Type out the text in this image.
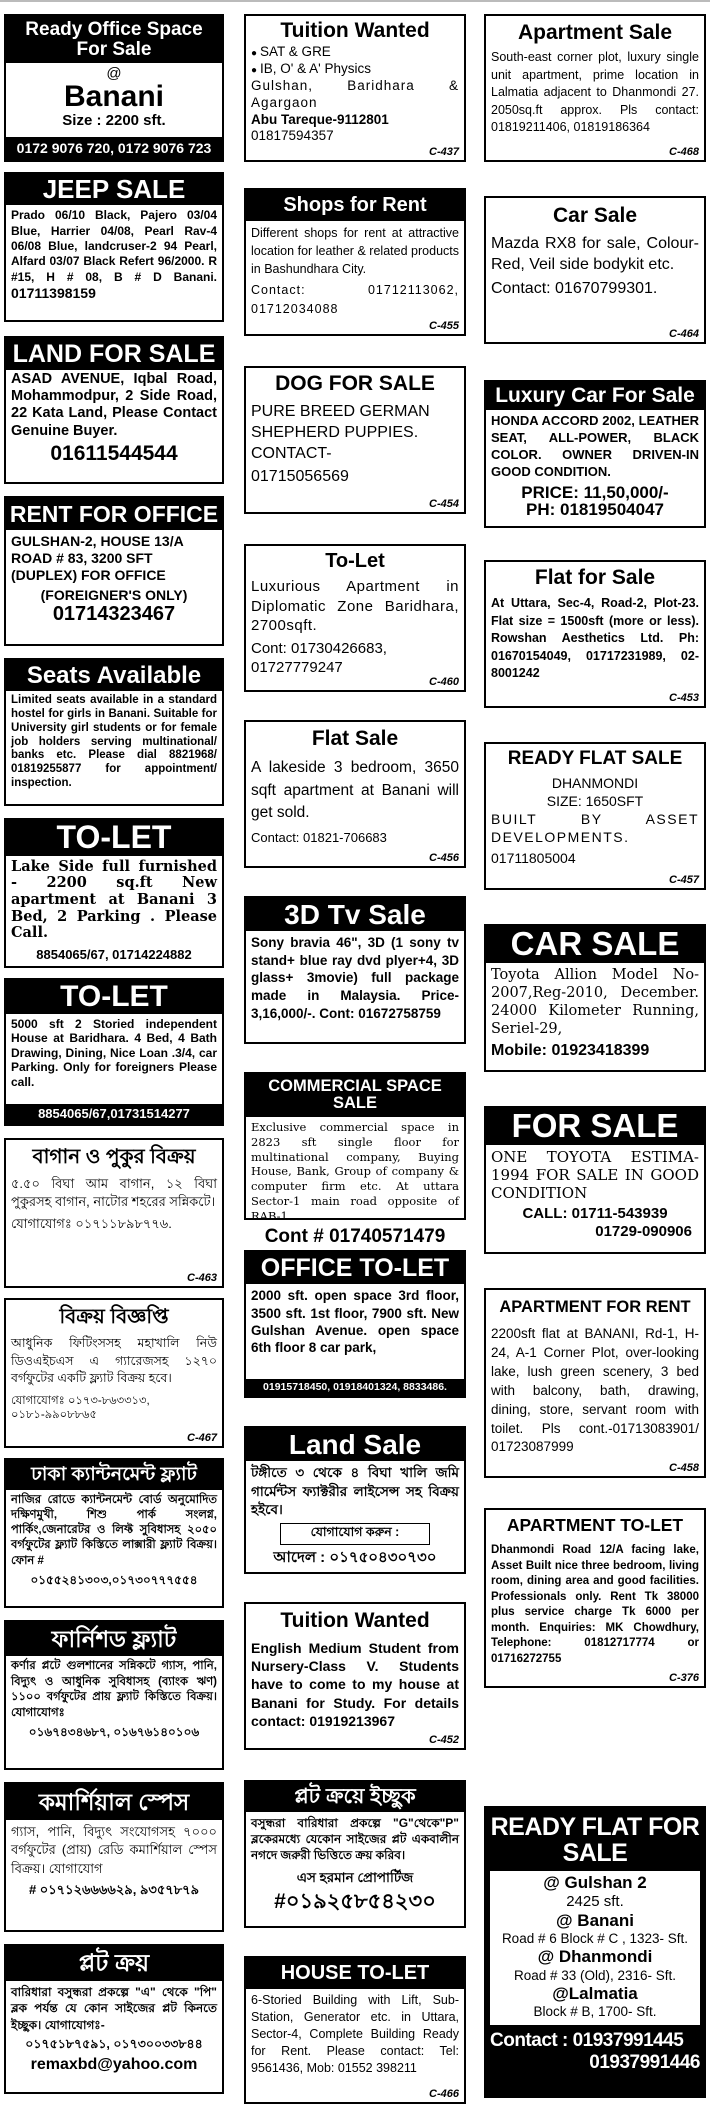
Ready Office Space For Sale
@
Banani
Size : 2200 sft.
0172 9076 720, 0172 9076 723
JEEP SALE
Prado 06/10 Black, Pajero 03/04 Blue, Harrier 04/08, Pearl Rav-4 06/08 Blue, landcruser-2 94 Pearl, Alfard 03/07 Black Refert 96/2000. R #15, H # 08, B # D Banani. 01711398159
LAND FOR SALE
ASAD AVENUE, Iqbal Road, Mohammodpur, 2 Side Road, 22 Kata Land, Please Contact Genuine Buyer.
01611544544
RENT FOR OFFICE
GULSHAN-2, HOUSE 13/A ROAD # 83, 3200 SFT (DUPLEX) FOR OFFICE
(FOREIGNER'S ONLY)
01714323467
Seats Available
Limited seats available in a standard hostel for girls in Banani. Suitable for University girl students or for female job holders serving multinational/ banks etc. Please dial 8821968/ 01819255877 for appointment/ inspection.
TO-LET
Lake Side full furnished - 2200 sq.ft New apartment at Banani 3 Bed, 2 Parking . Please Call.
8854065/67, 01714224882
TO-LET
5000 sft 2 Storied independent House at Baridhara. 4 Bed, 4 Bath Drawing, Dining, Nice Loan .3/4, car Parking. Only for foreigners Please call.
8854065/67,01731514277
বাগান ও পুকুর বিক্রয়
৫.৫০ বিঘা আম বাগান, ১২ বিঘা পুকুরসহ বাগান, নাটোর শহরের সন্নিকটে।
যোগাযোগঃ ০১৭১১৮৯৮৭৭৬.
C-463
বিক্রয় বিজ্ঞপ্তি
আধুনিক ফিটিংসসহ মহাখালি নিউ ডিওএইচএস এ গ্যারেজসহ ১২৭০ বর্গফুটের একটি ফ্ল্যাট বিক্রয় হবে।
যোগাযোগঃ ০১৭৩-৮৬৩৩১৩, ০১৮১-৯৯০৮৮৬৫
C-467
ঢাকা ক্যান্টনমেন্ট ফ্ল্যাট
নাজির রোডে ক্যান্টনমেন্ট বোর্ড অনুমোদিত দক্ষিণমুখী, শিশু পার্ক সংলগ্ন, পার্কিং,জেনারেটর ও লিফ্ট সুবিধাসহ ২০৫০ বর্গফুটের ফ্ল্যাট কিস্তিতে লাক্সারী ফ্ল্যাট বিক্রয়। ফোন #
০১৫৫২৪১৩০৩,০১৭৩০৭৭৭৫৫৪
ফার্নিশড ফ্ল্যাট
কর্ণার প্লটে গুলশানের সন্নিকটে গ্যাস, পানি, বিদ্যুৎ ও আধুনিক সুবিধাসহ (ব্যাংক ঋণ) ১১০০ বর্গফুটের প্রায় ফ্ল্যাট কিস্তিতে বিক্রয়। যোগাযোগঃ
০১৬৭৪৩৪৬৮৭, ০১৬৭৬১৪০১০৬
কমার্শিয়াল স্পেস
গ্যাস, পানি, বিদ্যুৎ সংযোগসহ ৭০০০ বর্গফুটের (প্রায়) রেডি কমার্শিয়াল স্পেস বিক্রয়। যোগাযোগ
# ০১৭১২৬৬৬৬২৯, ৯৩৫৭৮৭৯
প্লট ক্রয়
বারিধারা বসুন্ধরা প্রকল্পে "এ" থেকে "পি" ব্লক পর্যন্ত যে কোন সাইজের প্লট কিনতে ইচ্ছুক। যোগাযোগঃ-
০১৭৫১৮৭৫৯১, ০১৭৩০০৩৩৮৪৪
remaxbd@yahoo.com
Tuition Wanted
● SAT & GRE
● IB, O' & A' Physics
Gulshan, Baridhara & Agargaon
Abu Tareque-9112801
01817594357
C-437
Shops for Rent
Different shops for rent at attractive location for leather & related products in Bashundhara City.
Contact: 01712113062, 01712034088
C-455
DOG FOR SALE
PURE BREED GERMAN SHEPHERD PUPPIES. CONTACT-
01715056569
C-454
To-Let
Luxurious Apartment in Diplomatic Zone Baridhara, 2700sqft.
Cont: 01730426683, 01727779247
C-460
Flat Sale
A lakeside 3 bedroom, 3650 sqft apartment at Banani will get sold.
Contact: 01821-706683
C-456
3D Tv Sale
Sony bravia 46", 3D (1 sony tv stand+ blue ray dvd plyer+4, 3D glass+ 3movie) full package made in Malaysia. Price-3,16,000/-. Cont: 01672758759
COMMERCIAL SPACE SALE
Exclusive commercial space in 2823 sft single floor for multinational company, Buying House, Bank, Group of company & computer firm etc. At uttara Sector-1 main road opposite of RAB-1
Cont # 01740571479
OFFICE TO-LET
2000 sft. open space 3rd floor, 3500 sft. 1st floor, 7900 sft. New Gulshan Avenue. open space 6th floor 8 car park,
01915718450, 01918401324, 8833486.
Land Sale
টঙ্গীতে ৩ থেকে ৪ বিঘা খালি জমি গার্মেন্টস ফ্যাক্টরীর লাইসেন্স সহ বিক্রয় হইবে।
যোগাযোগ করুন :
আদেল : ০১৭৫০৪৩০৭৩০
Tuition Wanted
English Medium Student from Nursery-Class V. Students have to come to my house at Banani for Study. For details contact: 01919213967
C-452
প্লট ক্রয়ে ইচ্ছুক
বসুন্ধরা বারিধারা প্রকল্পে "G"থেকে"P" ব্লকেরমধ্যে যেকোন সাইজের প্লট একবালীন নগদে জরুরী ভিত্তিতে ক্রয় করিব।
এস হরমান প্রোপার্টিজ
#০১৯২৫৮৫৪২৩০
HOUSE TO-LET
6-Storied Building with Lift, Sub-Station, Generator etc. in Uttara, Sector-4, Complete Building Ready for Rent. Please contact: Tel: 9561436, Mob: 01552 398211
C-466
Apartment Sale
South-east corner plot, luxury single unit apartment, prime location in Lalmatia adjacent to Dhanmondi 27. 2050sq.ft approx. Pls contact: 01819211406, 01819186364
C-468
Car Sale
Mazda RX8 for sale, Colour-Red, Veil side bodykit etc.
Contact: 01670799301.
C-464
Luxury Car For Sale
HONDA ACCORD 2002, LEATHER SEAT, ALL-POWER, BLACK COLOR. OWNER DRIVEN-IN GOOD CONDITION.
PRICE: 11,50,000/-
PH: 01819504047
Flat for Sale
At Uttara, Sec-4, Road-2, Plot-23. Flat size = 1500sft (more or less). Rowshan Aesthetics Ltd. Ph: 01670154049, 01717231989, 02-8001242
C-453
READY FLAT SALE
DHANMONDI
SIZE: 1650SFT
BUILT BY ASSET DEVELOPMENTS.
01711805004
C-457
CAR SALE
Toyota Allion Model No-2007,Reg-2010, December. 24000 Kilometer Running, Seriel-29,
Mobile: 01923418399
FOR SALE
ONE TOYOTA ESTIMA-1994 FOR SALE IN GOOD CONDITION
CALL: 01711-543939
01729-090906
APARTMENT FOR RENT
2200sft flat at BANANI, Rd-1, H-24, A-1 Corner Plot, over-looking lake, lush green scenery, 3 bed with balcony, bath, drawing, dining, store, servant room with toilet. Pls cont.-01713083901/ 01723087999
C-458
APARTMENT TO-LET
Dhanmondi Road 12/A facing lake, Asset Built nice three bedroom, living room, dining area and good facilities. Professionals only. Rent Tk 38000 plus service charge Tk 6000 per month. Enquiries: MK Chowdhury, Telephone: 01812717774 or 01716272755
C-376
READY FLAT FOR SALE
@ Gulshan 2
2425 sft.
@ Banani
Road # 6 Block # C , 1323- Sft.
@ Dhanmondi
Road # 33 (Old), 2316- Sft.
@Lalmatia
Block # B, 1700- Sft.
Contact : 01937991445
01937991446
